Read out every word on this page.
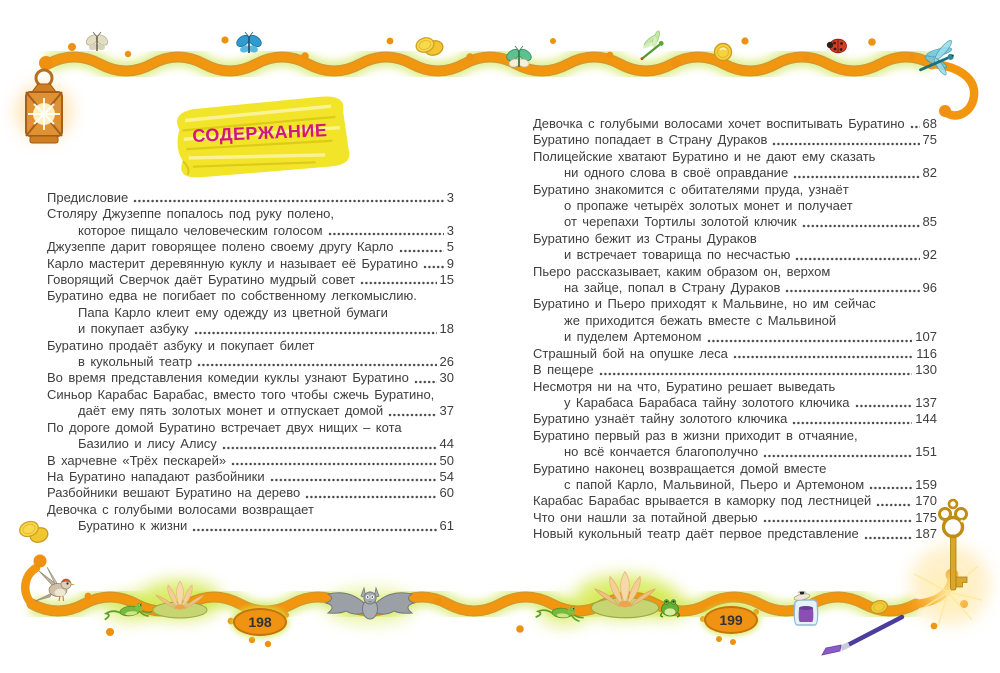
СОДЕРЖАНИЕ
Предисловие	3
Столяру Джузеппе попалось под руку полено,
которое пищало человеческим голосом	3
Джузеппе дарит говорящее полено своему другу Карло	5
Карло мастерит деревянную куклу и называет её Буратино 9
Говорящий Сверчок даёт Буратино мудрый совет	15
Буратино едва не погибает по собственному легкомыслию.
Папа Карло клеит ему одежду из цветной бумаги
и покупает азбуку	18
Буратино продаёт азбуку и покупает билет
в кукольный театр	26
Во время представления комедии куклы узнают Буратино 30
Синьор Карабас Барабас, вместо того чтобы сжечь Буратино,
даёт ему пять золотых монет и отпускает домой	37
По дороге домой Буратино встречает двух нищих – кота
Базилио и лису Алису	44
В харчевне «Трёх пескарей»	50
На Буратино нападают разбойники	54
Разбойники вешают Буратино на дерево	60
Девочка с голубыми волосами возвращает
Буратино к жизни	61
Девочка с голубыми волосами хочет воспитывать Буратино 68
Буратино попадает в Страну Дураков	75
Полицейские хватают Буратино и не дают ему сказать
ни одного слова в своё оправдание	82
Буратино знакомится с обитателями пруда, узнаёт
о пропаже четырёх золотых монет и получает
от черепахи Тортилы золотой ключик	85
Буратино бежит из Страны Дураков
и встречает товарища по несчастью	92
Пьеро рассказывает, каким образом он, верхом
на зайце, попал в Страну Дураков	96
Буратино и Пьеро приходят к Мальвине, но им сейчас
же приходится бежать вместе с Мальвиной
и пуделем Артемоном	107
Страшный бой на опушке леса	116
В пещере	130
Несмотря ни на что, Буратино решает выведать
у Карабаса Барабаса тайну золотого ключика	137
Буратино узнаёт тайну золотого ключика	144
Буратино первый раз в жизни приходит в отчаяние,
но всё кончается благополучно	151
Буратино наконец возвращается домой вместе
с папой Карло, Мальвиной, Пьеро и Артемоном	159
Карабас Барабас врывается в каморку под лестницей	170
Что они нашли за потайной дверью	175
Новый кукольный театр даёт первое представление	187
198	199
